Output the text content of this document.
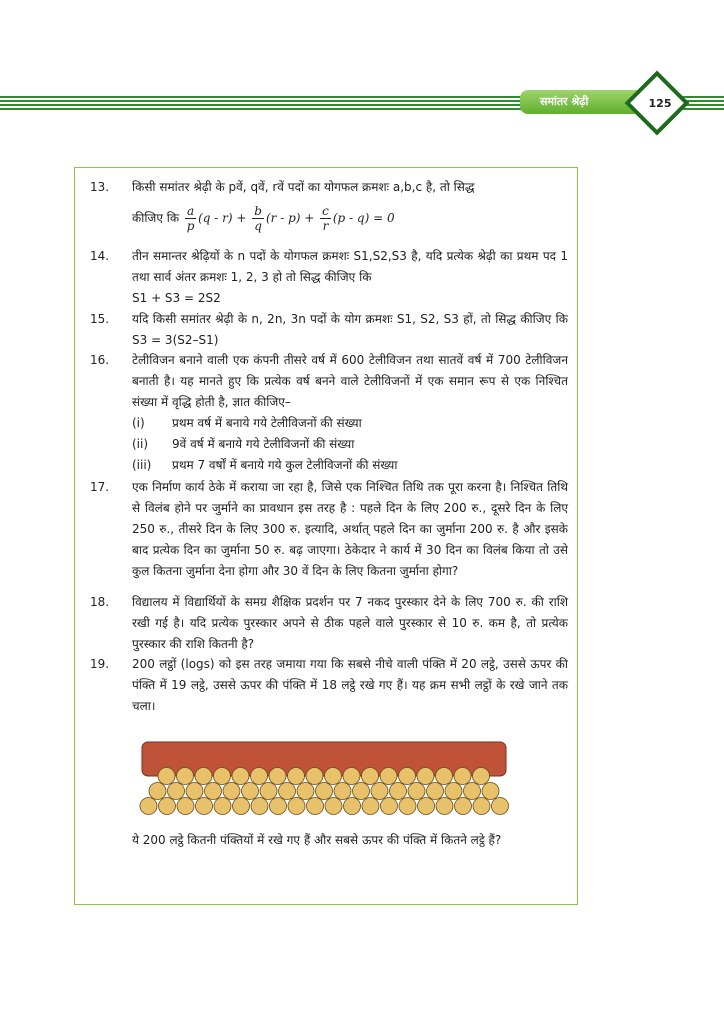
समांतर श्रेढ़ी	125
13.	किसी समांतर श्रेढ़ी के pवें, qवें, rवें पदों का योगफल क्रमशः a,b,c है, तो सिद्ध
कीजिए कि $\frac{a}{p} (q - r) + \frac{b}{q} (r - p) + \frac{c}{r} (p - q) = 0$
14.	तीन समान्तर श्रेढ़ियों के n पदों के योगफल क्रमशः S1,S2,S3 है, यदि प्रत्येक श्रेढ़ी का प्रथम पद 1 तथा सार्व अंतर क्रमशः 1, 2, 3 हो तो सिद्ध कीजिए कि
S1 + S3 = 2S2
15.	यदि किसी समांतर श्रेढ़ी के n, 2n, 3n पदों के योग क्रमशः S1, S2, S3 हों, तो सिद्ध कीजिए कि S3 = 3(S2–S1)
16.	टेलीविजन बनाने वाली एक कंपनी तीसरे वर्ष में 600 टेलीविजन तथा सातवें वर्ष में 700 टेलीविजन बनाती है। यह मानते हुए कि प्रत्येक वर्ष बनने वाले टेलीविजनों में एक समान रूप से एक निश्चित संख्या में वृद्धि होती है, ज्ञात कीजिए–
(i) प्रथम वर्ष में बनाये गये टेलीविजनों की संख्या
(ii) 9वें वर्ष में बनाये गये टेलीविजनों की संख्या
(iii) प्रथम 7 वर्षों में बनाये गये कुल टेलीविजनों की संख्या
17.	एक निर्माण कार्य ठेके में कराया जा रहा है, जिसे एक निश्चित तिथि तक पूरा करना है। निश्चित तिथि से विलंब होने पर जुर्माने का प्रावधान इस तरह है : पहले दिन के लिए 200 रु., दूसरे दिन के लिए 250 रु., तीसरे दिन के लिए 300 रु. इत्यादि, अर्थात् पहले दिन का जुर्माना 200 रु. है और इसके बाद प्रत्येक दिन का जुर्माना 50 रु. बढ़ जाएगा। ठेकेदार ने कार्य में 30 दिन का विलंब किया तो उसे कुल कितना जुर्माना देना होगा और 30 वें दिन के लिए कितना जुर्माना होगा?
18.	विद्यालय में विद्यार्थियों के समग्र शैक्षिक प्रदर्शन पर 7 नकद पुरस्कार देने के लिए 700 रु. की राशि रखी गई है। यदि प्रत्येक पुरस्कार अपने से ठीक पहले वाले पुरस्कार से 10 रु. कम है, तो प्रत्येक पुरस्कार की राशि कितनी है?
19.	200 लट्ठों (logs) को इस तरह जमाया गया कि सबसे नीचे वाली पंक्ति में 20 लट्ठे, उससे ऊपर की पंक्ति में 19 लट्ठे, उससे ऊपर की पंक्ति में 18 लट्ठे रखे गए हैं। यह क्रम सभी लट्ठों के रखे जाने तक चला।
ये 200 लट्ठे कितनी पंक्तियों में रखे गए हैं और सबसे ऊपर की पंक्ति में कितने लट्ठे हैं?
